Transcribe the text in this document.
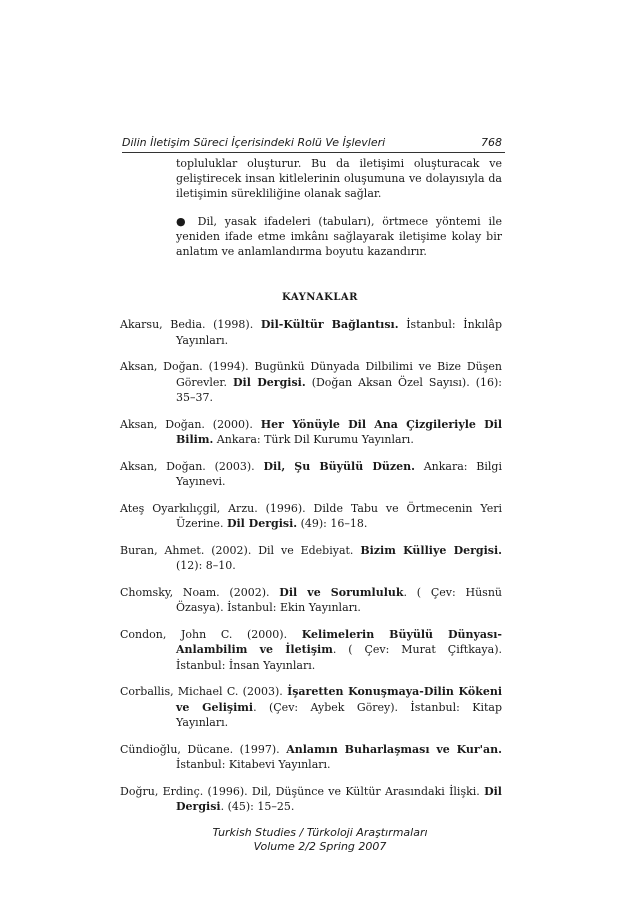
Dilin İletişim Süreci İçerisindeki Rolü Ve İşlevleri	768

topluluklar oluşturur. Bu da iletişimi oluşturacak ve geliştirecek insan kitlelerinin oluşumuna ve dolayısıyla da iletişimin sürekliliğine olanak sağlar.

● Dil, yasak ifadeleri (tabuları), örtmece yöntemi ile yeniden ifade etme imkânı sağlayarak iletişime kolay bir anlatım ve anlamlandırma boyutu kazandırır.

KAYNAKLAR

Akarsu, Bedia. (1998). Dil-Kültür Bağlantısı. İstanbul: İnkılâp Yayınları.

Aksan, Doğan. (1994). Bugünkü Dünyada Dilbilimi ve Bize Düşen Görevler. Dil Dergisi. (Doğan Aksan Özel Sayısı). (16): 35–37.

Aksan, Doğan. (2000). Her Yönüyle Dil Ana Çizgileriyle Dil Bilim. Ankara: Türk Dil Kurumu Yayınları.

Aksan, Doğan. (2003). Dil, Şu Büyülü Düzen. Ankara: Bilgi Yayınevi.

Ateş Oyarkılıçgil, Arzu. (1996). Dilde Tabu ve Örtmecenin Yeri Üzerine. Dil Dergisi. (49): 16–18.

Buran, Ahmet. (2002). Dil ve Edebiyat. Bizim Külliye Dergisi. (12): 8–10.

Chomsky, Noam. (2002). Dil ve Sorumluluk. ( Çev: Hüsnü Özasya). İstanbul: Ekin Yayınları.

Condon, John C. (2000). Kelimelerin Büyülü Dünyası-Anlambilim ve İletişim. ( Çev: Murat Çiftkaya). İstanbul: İnsan Yayınları.

Corballis, Michael C. (2003). İşaretten Konuşmaya-Dilin Kökeni ve Gelişimi. (Çev: Aybek Görey). İstanbul: Kitap Yayınları.

Cündioğlu, Dücane. (1997). Anlamın Buharlaşması ve Kur'an. İstanbul: Kitabevi Yayınları.

Doğru, Erdinç. (1996). Dil, Düşünce ve Kültür Arasındaki İlişki. Dil Dergisi. (45): 15–25.

Turkish Studies / Türkoloji Araştırmaları
Volume 2/2 Spring 2007
